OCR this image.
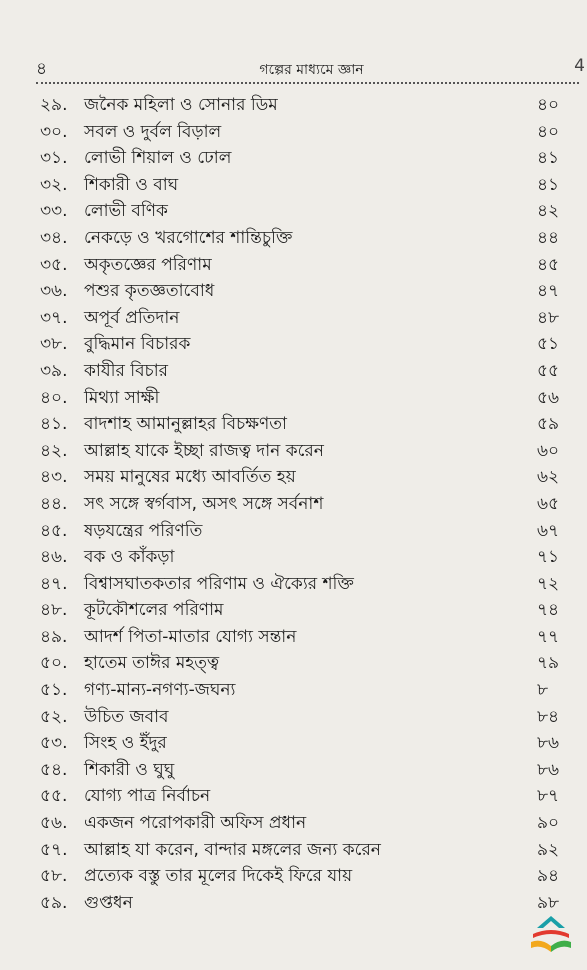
৪	গল্পের মাধ্যমে জ্ঞান	4
২৯. জনৈক মহিলা ও সোনার ডিম	৪০
৩০. সবল ও দুর্বল বিড়াল	৪০
৩১. লোভী শিয়াল ও ঢোল	৪১
৩২. শিকারী ও বাঘ	৪১
৩৩. লোভী বণিক	৪২
৩৪. নেকড়ে ও খরগোশের শান্তিচুক্তি	৪৪
৩৫. অকৃতজ্ঞের পরিণাম	৪৫
৩৬. পশুর কৃতজ্ঞতাবোধ	৪৭
৩৭. অপূর্ব প্রতিদান	৪৮
৩৮. বুদ্ধিমান বিচারক	৫১
৩৯. কাযীর বিচার	৫৫
৪০. মিথ্যা সাক্ষী	৫৬
৪১. বাদশাহ আমানুল্লাহর বিচক্ষণতা	৫৯
৪২. আল্লাহ যাকে ইচ্ছা রাজত্ব দান করেন	৬০
৪৩. সময় মানুষের মধ্যে আবর্তিত হয়	৬২
৪৪. সৎ সঙ্গে স্বর্গবাস, অসৎ সঙ্গে সর্বনাশ	৬৫
৪৫. ষড়যন্ত্রের পরিণতি	৬৭
৪৬. বক ও কাঁকড়া	৭১
৪৭. বিশ্বাসঘাতকতার পরিণাম ও ঐক্যের শক্তি	৭২
৪৮. কূটকৌশলের পরিণাম	৭৪
৪৯. আদর্শ পিতা-মাতার যোগ্য সন্তান	৭৭
৫০. হাতেম তাঈর মহত্ত্ব	৭৯
৫১. গণ্য-মান্য-নগণ্য-জঘন্য	৮
৫২. উচিত জবাব	৮৪
৫৩. সিংহ ও ইঁদুর	৮৬
৫৪. শিকারী ও ঘুঘু	৮৬
৫৫. যোগ্য পাত্র নির্বাচন	৮৭
৫৬. একজন পরোপকারী অফিস প্রধান	৯০
৫৭. আল্লাহ যা করেন, বান্দার মঙ্গলের জন্য করেন	৯২
৫৮. প্রত্যেক বস্তু তার মূলের দিকেই ফিরে যায়	৯৪
৫৯. গুপ্তধন	৯৮
